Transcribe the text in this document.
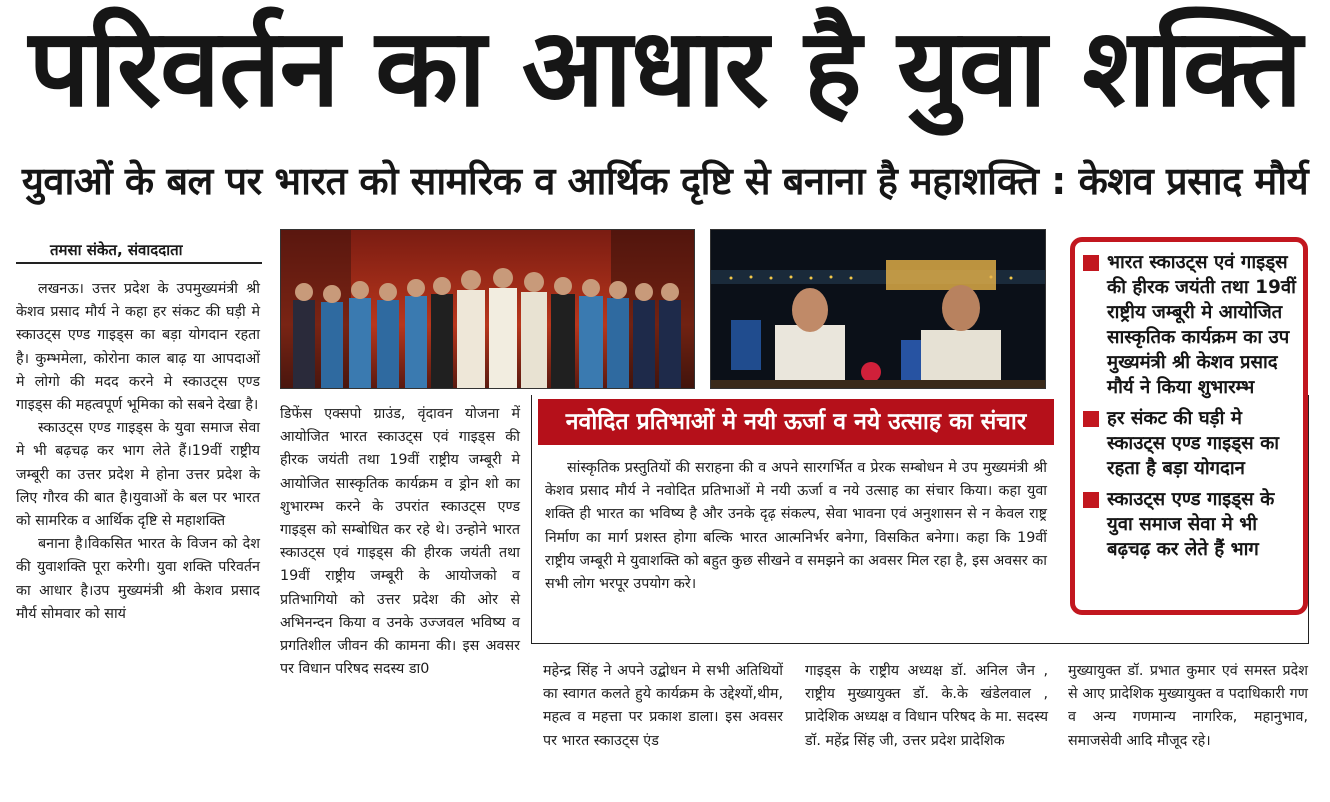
परिवर्तन का आधार है युवा शक्ति
युवाओं के बल पर भारत को सामरिक व आर्थिक दृष्टि से बनाना है महाशक्ति : केशव प्रसाद मौर्य
तमसा संकेत, संवाददाता

लखनऊ। उत्तर प्रदेश के उपमुख्यमंत्री श्री केशव प्रसाद मौर्य ने कहा हर संकट की घड़ी मे स्काउट्स एण्ड गाइड्स का बड़ा योगदान रहता है। कुम्भमेला, कोरोना काल बाढ़ या आपदाओं मे लोगो की मदद करने मे स्काउट्स एण्ड गाइड्स की महत्वपूर्ण भूमिका को सबने देखा है।

स्काउट्स एण्ड गाइड्स के युवा समाज सेवा मे भी बढ़चढ़ कर भाग लेते हैं।19वीं राष्ट्रीय जम्बूरी का उत्तर प्रदेश मे होना उत्तर प्रदेश के लिए गौरव की बात है।युवाओं के बल पर भारत को सामरिक व आर्थिक दृष्टि से महाशक्ति

बनाना है।विकसित भारत के विजन को देश की युवाशक्ति पूरा करेगी। युवा शक्ति परिवर्तन का आधार है।उप मुख्यमंत्री श्री केशव प्रसाद मौर्य सोमवार को सायं

डिफेंस एक्सपो ग्राउंड, वृंदावन योजना में आयोजित भारत स्काउट्स एवं गाइड्स की हीरक जयंती तथा 19वीं राष्ट्रीय जम्बूरी मे आयोजित सास्कृतिक कार्यक्रम व ड्रोन शो का शुभारम्भ करने के उपरांत स्काउट्स एण्ड गाइड्स को सम्बोधित कर रहे थे। उन्होने भारत स्काउट्स एवं गाइड्स की हीरक जयंती तथा 19वीं राष्ट्रीय जम्बूरी के आयोजको व प्रतिभागियो को उत्तर प्रदेश की ओर से अभिनन्दन किया व उनके उज्जवल भविष्य व प्रगतिशील जीवन की कामना की। इस अवसर पर विधान परिषद सदस्य डा0

नवोदित प्रतिभाओं मे नयी ऊर्जा व नये उत्साह का संचार

सांस्कृतिक प्रस्तुतियों की सराहना की व अपने सारगर्भित व प्रेरक सम्बोधन मे उप मुख्यमंत्री श्री केशव प्रसाद मौर्य ने नवोदित प्रतिभाओं मे नयी ऊर्जा व नये उत्साह का संचार किया। कहा युवा शक्ति ही भारत का भविष्य है और उनके दृढ़ संकल्प, सेवा भावना एवं अनुशासन से न केवल राष्ट्र निर्माण का मार्ग प्रशस्त होगा बल्कि भारत आत्मनिर्भर बनेगा, विसकित बनेगा। कहा कि 19वीं राष्ट्रीय जम्बूरी मे युवाशक्ति को बहुत कुछ सीखने व समझने का अवसर मिल रहा है, इस अवसर का सभी लोग भरपूर उपयोग करे।

भारत स्काउट्स एवं गाइड्स की हीरक जयंती तथा 19वीं राष्ट्रीय जम्बूरी मे आयोजित सास्कृतिक कार्यक्रम का उप मुख्यमंत्री श्री केशव प्रसाद मौर्य ने किया शुभारम्भ
हर संकट की घड़ी मे स्काउट्स एण्ड गाइड्स का रहता है बड़ा योगदान
स्काउट्स एण्ड गाइड्स के युवा समाज सेवा मे भी बढ़चढ़ कर लेते हैं भाग

महेन्द्र सिंह ने अपने उद्बोधन मे सभी अतिथियों का स्वागत कलते हुये कार्यक्रम के उद्देश्यों,थीम, महत्व व महत्ता पर प्रकाश डाला। इस अवसर पर भारत स्काउट्स एंड

गाइड्स के राष्ट्रीय अध्यक्ष डॉ. अनिल जैन , राष्ट्रीय मुख्यायुक्त डॉ. के.के खंडेलवाल , प्रादेशिक अध्यक्ष व विधान परिषद के मा. सदस्य डॉ. महेंद्र सिंह जी, उत्तर प्रदेश प्रादेशिक

मुख्यायुक्त डॉ. प्रभात कुमार एवं समस्त प्रदेश से आए प्रादेशिक मुख्यायुक्त व पदाधिकारी गण व अन्य गणमान्य नागरिक, महानुभाव, समाजसेवी आदि मौजूद रहे।
